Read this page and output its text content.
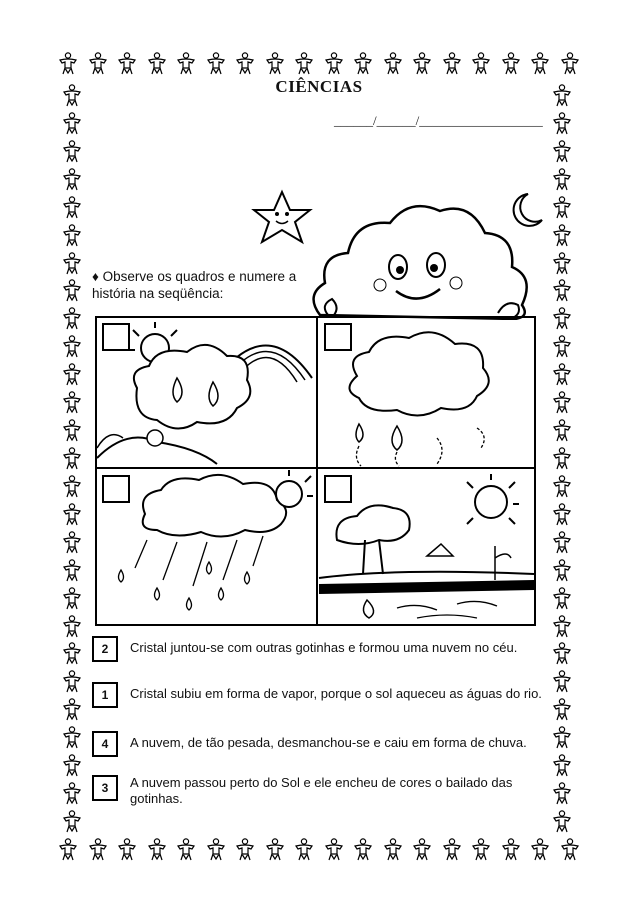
CIÊNCIAS
______/______/___________________
♦ Observe os quadros e numere a história na seqüência:
2	Cristal juntou-se com outras gotinhas e formou uma nuvem no céu.
1	Cristal subiu em forma de vapor, porque o sol aqueceu as águas do rio.
4	A nuvem, de tão pesada, desmanchou-se e caiu em forma de chuva.
3	A nuvem passou perto do Sol e ele encheu de cores o bailado das gotinhas.
